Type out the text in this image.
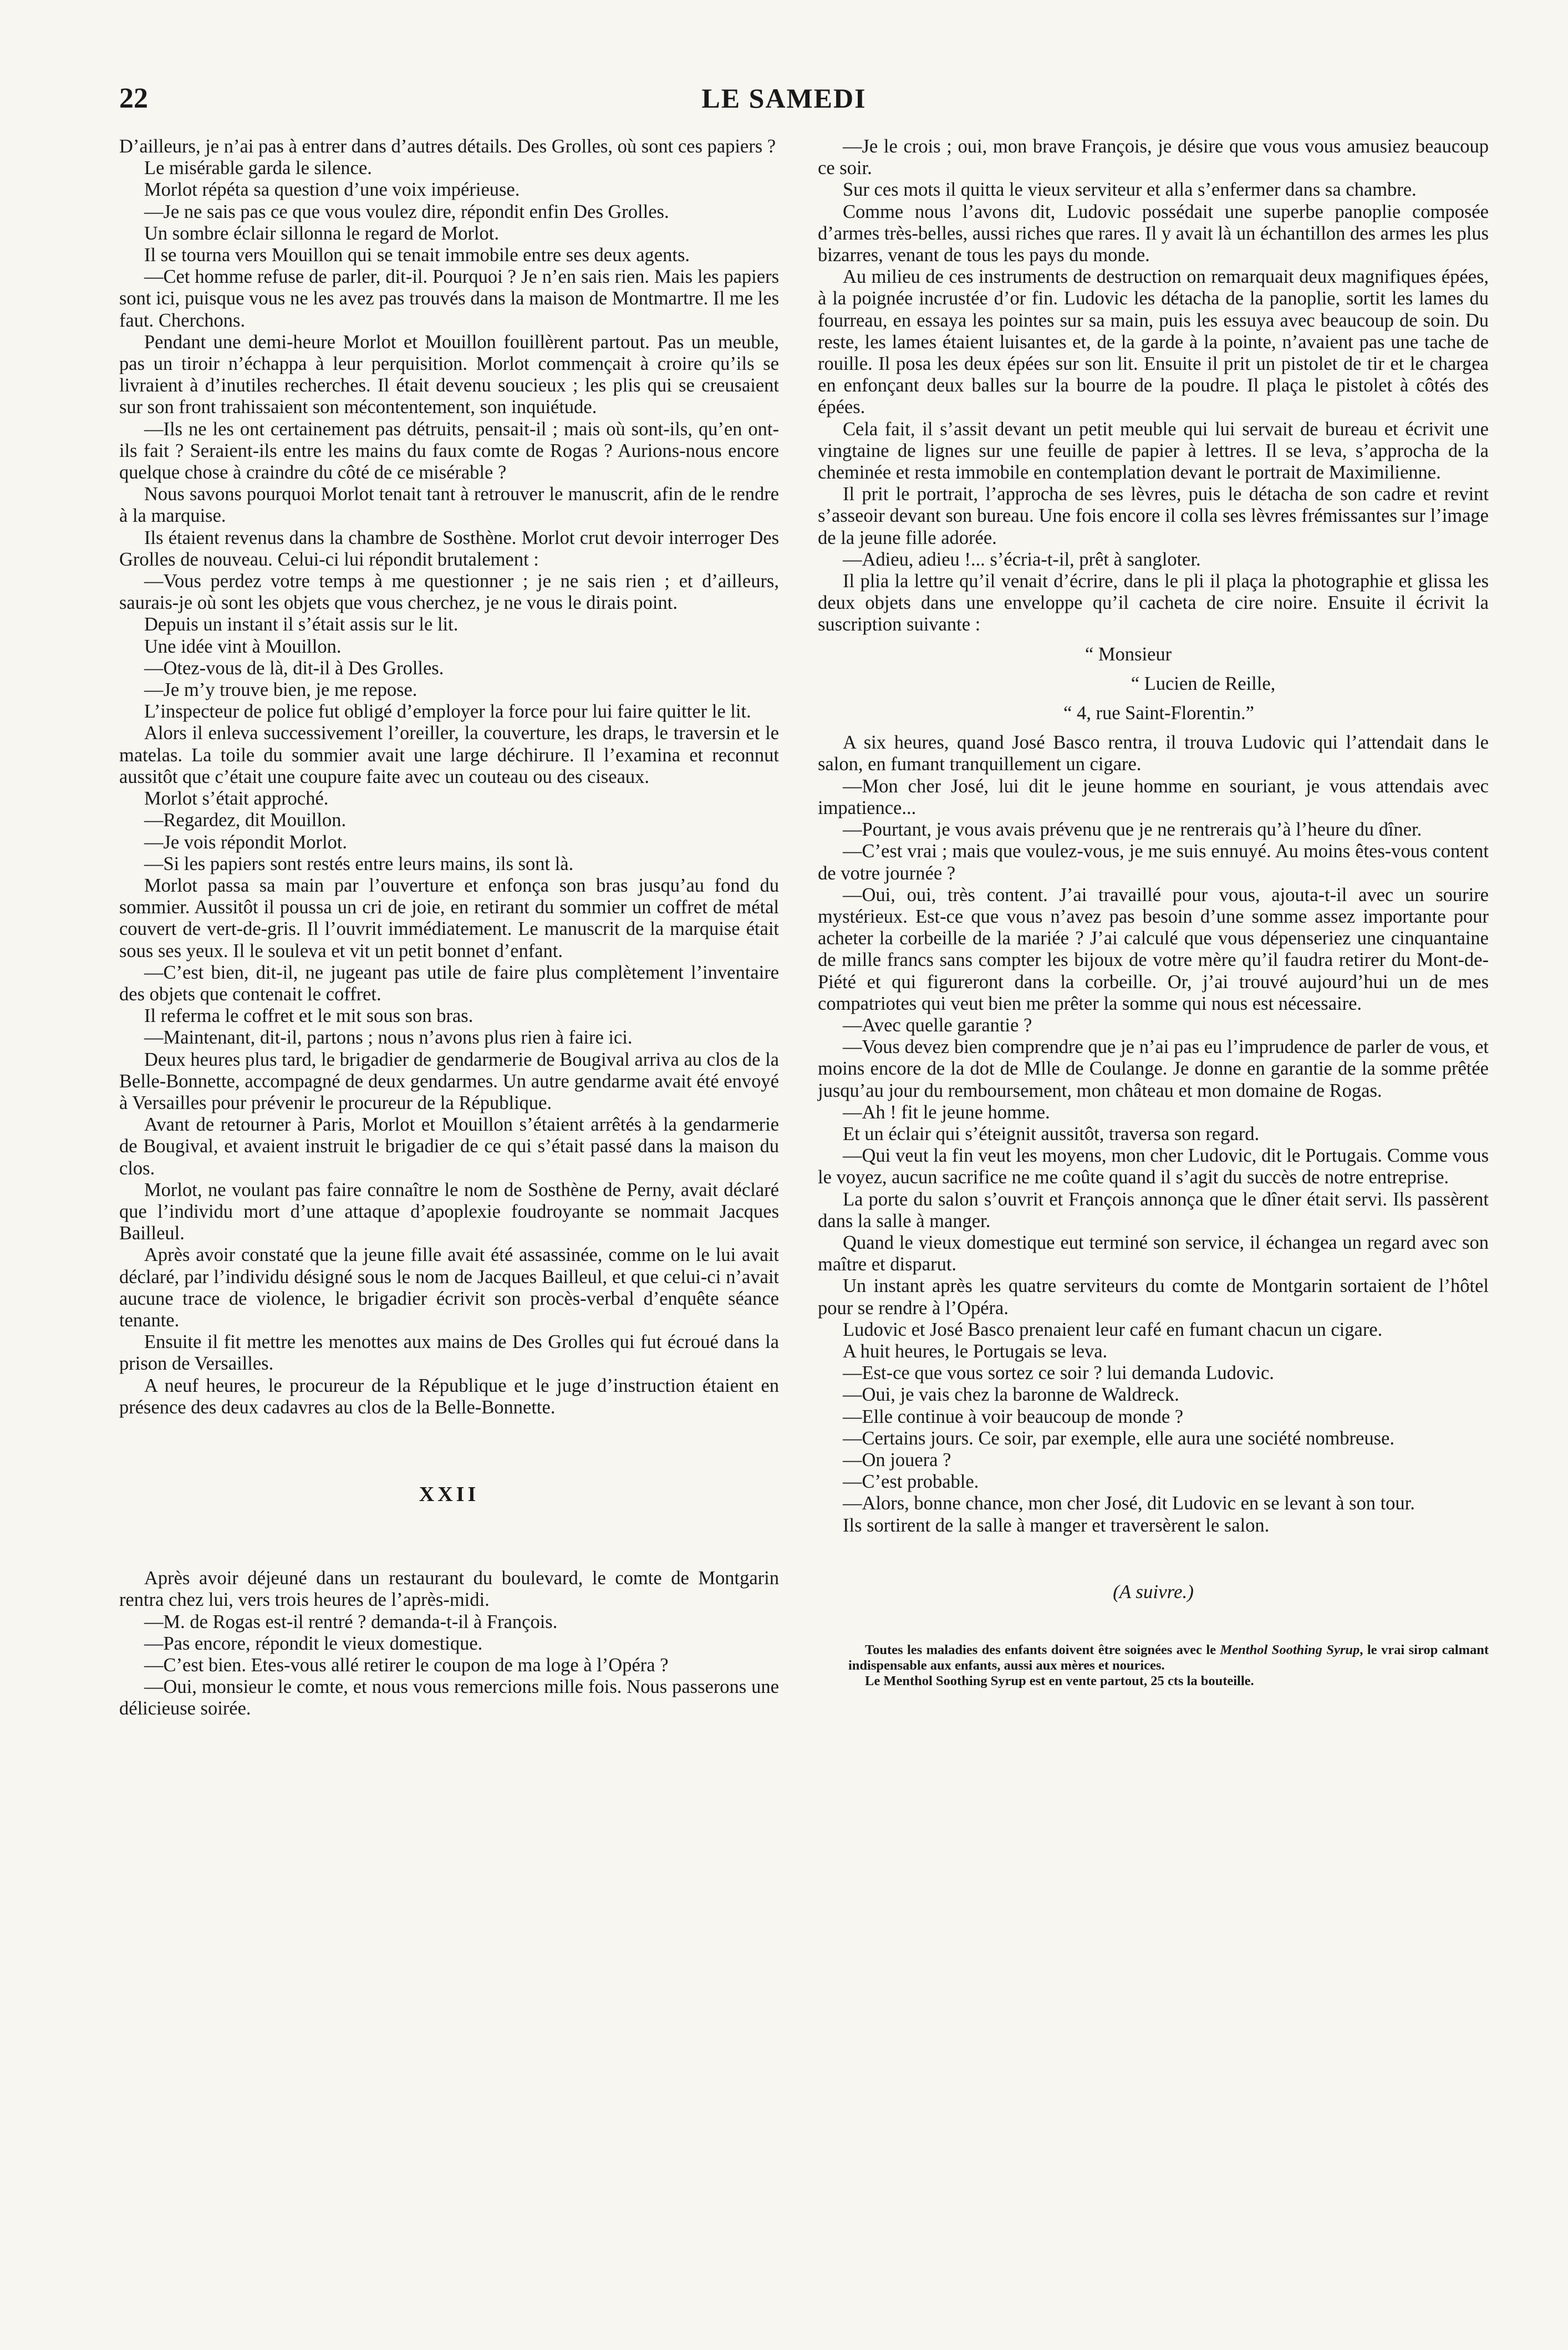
22	LE SAMEDI

D’ailleurs, je n’ai pas à entrer dans d’autres détails. Des Grolles, où sont ces papiers ?

Le misérable garda le silence.

Morlot répéta sa question d’une voix impérieuse.

—Je ne sais pas ce que vous voulez dire, répondit enfin Des Grolles.

Un sombre éclair sillonna le regard de Morlot.

Il se tourna vers Mouillon qui se tenait immobile entre ses deux agents.

—Cet homme refuse de parler, dit-il. Pourquoi ? Je n’en sais rien. Mais les papiers sont ici, puisque vous ne les avez pas trouvés dans la maison de Montmartre. Il me les faut. Cherchons.

Pendant une demi-heure Morlot et Mouillon fouillèrent partout. Pas un meuble, pas un tiroir n’échappa à leur perquisition. Morlot commençait à croire qu’ils se livraient à d’inutiles recherches. Il était devenu soucieux ; les plis qui se creusaient sur son front trahissaient son mécontentement, son inquiétude.

—Ils ne les ont certainement pas détruits, pensait-il ; mais où sont-ils, qu’en ont-ils fait ? Seraient-ils entre les mains du faux comte de Rogas ? Aurions-nous encore quelque chose à craindre du côté de ce misérable ?

Nous savons pourquoi Morlot tenait tant à retrouver le manuscrit, afin de le rendre à la marquise.

Ils étaient revenus dans la chambre de Sosthène. Morlot crut devoir interroger Des Grolles de nouveau. Celui-ci lui répondit brutalement :

—Vous perdez votre temps à me questionner ; je ne sais rien ; et d’ailleurs, saurais-je où sont les objets que vous cherchez, je ne vous le dirais point.

Depuis un instant il s’était assis sur le lit.

Une idée vint à Mouillon.

—Otez-vous de là, dit-il à Des Grolles.

—Je m’y trouve bien, je me repose.

L’inspecteur de police fut obligé d’employer la force pour lui faire quitter le lit.

Alors il enleva successivement l’oreiller, la couverture, les draps, le traversin et le matelas. La toile du sommier avait une large déchirure. Il l’examina et reconnut aussitôt que c’était une coupure faite avec un couteau ou des ciseaux.

Morlot s’était approché.

—Regardez, dit Mouillon.

—Je vois répondit Morlot.

—Si les papiers sont restés entre leurs mains, ils sont là.

Morlot passa sa main par l’ouverture et enfonça son bras jusqu’au fond du sommier. Aussitôt il poussa un cri de joie, en retirant du sommier un coffret de métal couvert de vert-de-gris. Il l’ouvrit immédiatement. Le manuscrit de la marquise était sous ses yeux. Il le souleva et vit un petit bonnet d’enfant.

—C’est bien, dit-il, ne jugeant pas utile de faire plus complètement l’inventaire des objets que contenait le coffret.

Il referma le coffret et le mit sous son bras.

—Maintenant, dit-il, partons ; nous n’avons plus rien à faire ici.

Deux heures plus tard, le brigadier de gendarmerie de Bougival arriva au clos de la Belle-Bonnette, accompagné de deux gendarmes. Un autre gendarme avait été envoyé à Versailles pour prévenir le procureur de la République.

Avant de retourner à Paris, Morlot et Mouillon s’étaient arrêtés à la gendarmerie de Bougival, et avaient instruit le brigadier de ce qui s’était passé dans la maison du clos.

Morlot, ne voulant pas faire connaître le nom de Sosthène de Perny, avait déclaré que l’individu mort d’une attaque d’apoplexie foudroyante se nommait Jacques Bailleul.

Après avoir constaté que la jeune fille avait été assassinée, comme on le lui avait déclaré, par l’individu désigné sous le nom de Jacques Bailleul, et que celui-ci n’avait aucune trace de violence, le brigadier écrivit son procès-verbal d’enquête séance tenante.

Ensuite il fit mettre les menottes aux mains de Des Grolles qui fut écroué dans la prison de Versailles.

A neuf heures, le procureur de la République et le juge d’instruction étaient en présence des deux cadavres au clos de la Belle-Bonnette.

XXII

Après avoir déjeuné dans un restaurant du boulevard, le comte de Montgarin rentra chez lui, vers trois heures de l’après-midi.

—M. de Rogas est-il rentré ? demanda-t-il à François.

—Pas encore, répondit le vieux domestique.

—C’est bien. Etes-vous allé retirer le coupon de ma loge à l’Opéra ?

—Oui, monsieur le comte, et nous vous remercions mille fois. Nous passerons une délicieuse soirée.

—Je le crois ; oui, mon brave François, je désire que vous vous amusiez beaucoup ce soir.

Sur ces mots il quitta le vieux serviteur et alla s’enfermer dans sa chambre.

Comme nous l’avons dit, Ludovic possédait une superbe panoplie composée d’armes très-belles, aussi riches que rares. Il y avait là un échantillon des armes les plus bizarres, venant de tous les pays du monde.

Au milieu de ces instruments de destruction on remarquait deux magnifiques épées, à la poignée incrustée d’or fin. Ludovic les détacha de la panoplie, sortit les lames du fourreau, en essaya les pointes sur sa main, puis les essuya avec beaucoup de soin. Du reste, les lames étaient luisantes et, de la garde à la pointe, n’avaient pas une tache de rouille. Il posa les deux épées sur son lit. Ensuite il prit un pistolet de tir et le chargea en enfonçant deux balles sur la bourre de la poudre. Il plaça le pistolet à côtés des épées.

Cela fait, il s’assit devant un petit meuble qui lui servait de bureau et écrivit une vingtaine de lignes sur une feuille de papier à lettres. Il se leva, s’approcha de la cheminée et resta immobile en contemplation devant le portrait de Maximilienne.

Il prit le portrait, l’approcha de ses lèvres, puis le détacha de son cadre et revint s’asseoir devant son bureau. Une fois encore il colla ses lèvres frémissantes sur l’image de la jeune fille adorée.

—Adieu, adieu !... s’écria-t-il, prêt à sangloter.

Il plia la lettre qu’il venait d’écrire, dans le pli il plaça la photographie et glissa les deux objets dans une enveloppe qu’il cacheta de cire noire. Ensuite il écrivit la suscription suivante :

“ Monsieur
“ Lucien de Reille,
“ 4, rue Saint-Florentin.”

A six heures, quand José Basco rentra, il trouva Ludovic qui l’attendait dans le salon, en fumant tranquillement un cigare.

—Mon cher José, lui dit le jeune homme en souriant, je vous attendais avec impatience...

—Pourtant, je vous avais prévenu que je ne rentrerais qu’à l’heure du dîner.

—C’est vrai ; mais que voulez-vous, je me suis ennuyé. Au moins êtes-vous content de votre journée ?

—Oui, oui, très content. J’ai travaillé pour vous, ajouta-t-il avec un sourire mystérieux. Est-ce que vous n’avez pas besoin d’une somme assez importante pour acheter la corbeille de la mariée ? J’ai calculé que vous dépenseriez une cinquantaine de mille francs sans compter les bijoux de votre mère qu’il faudra retirer du Mont-de-Piété et qui figureront dans la corbeille. Or, j’ai trouvé aujourd’hui un de mes compatriotes qui veut bien me prêter la somme qui nous est nécessaire.

—Avec quelle garantie ?

—Vous devez bien comprendre que je n’ai pas eu l’imprudence de parler de vous, et moins encore de la dot de Mlle de Coulange. Je donne en garantie de la somme prêtée jusqu’au jour du remboursement, mon château et mon domaine de Rogas.

—Ah ! fit le jeune homme.

Et un éclair qui s’éteignit aussitôt, traversa son regard.

—Qui veut la fin veut les moyens, mon cher Ludovic, dit le Portugais. Comme vous le voyez, aucun sacrifice ne me coûte quand il s’agit du succès de notre entreprise.

La porte du salon s’ouvrit et François annonça que le dîner était servi. Ils passèrent dans la salle à manger.

Quand le vieux domestique eut terminé son service, il échangea un regard avec son maître et disparut.

Un instant après les quatre serviteurs du comte de Montgarin sortaient de l’hôtel pour se rendre à l’Opéra.

Ludovic et José Basco prenaient leur café en fumant chacun un cigare.

A huit heures, le Portugais se leva.

—Est-ce que vous sortez ce soir ? lui demanda Ludovic.

—Oui, je vais chez la baronne de Waldreck.

—Elle continue à voir beaucoup de monde ?

—Certains jours. Ce soir, par exemple, elle aura une société nombreuse.

—On jouera ?

—C’est probable.

—Alors, bonne chance, mon cher José, dit Ludovic en se levant à son tour.

Ils sortirent de la salle à manger et traversèrent le salon.

(A suivre.)

Toutes les maladies des enfants doivent être soignées avec le Menthol Soothing Syrup, le vrai sirop calmant indispensable aux enfants, aussi aux mères et nourices.

Le Menthol Soothing Syrup est en vente partout, 25 cts la bouteille.
